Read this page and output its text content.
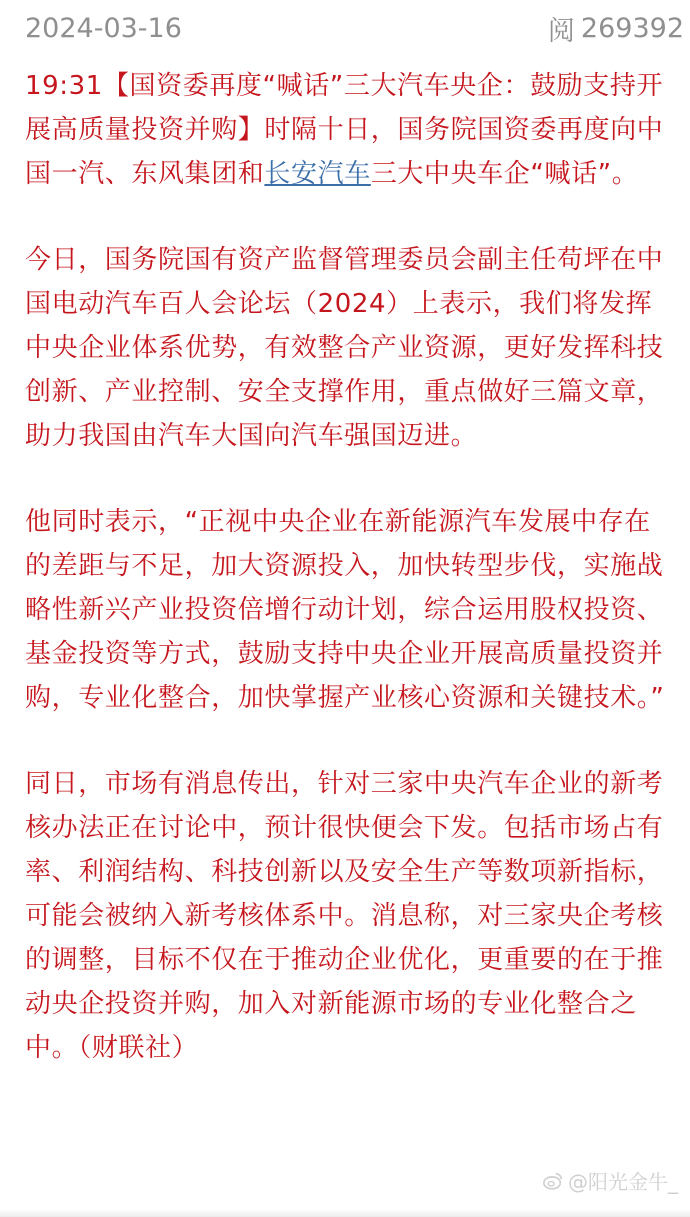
2024-03-16	阅 269392

19:31【国资委再度“喊话”三大汽车央企：鼓励支持开展高质量投资并购】时隔十日，国务院国资委再度向中国一汽、东风集团和长安汽车三大中央车企“喊话”。

今日，国务院国有资产监督管理委员会副主任苟坪在中国电动汽车百人会论坛（2024）上表示，我们将发挥中央企业体系优势，有效整合产业资源，更好发挥科技创新、产业控制、安全支撑作用，重点做好三篇文章，助力我国由汽车大国向汽车强国迈进。

他同时表示，“正视中央企业在新能源汽车发展中存在的差距与不足，加大资源投入，加快转型步伐，实施战略性新兴产业投资倍增行动计划，综合运用股权投资、基金投资等方式，鼓励支持中央企业开展高质量投资并购，专业化整合，加快掌握产业核心资源和关键技术。”

同日，市场有消息传出，针对三家中央汽车企业的新考核办法正在讨论中，预计很快便会下发。包括市场占有率、利润结构、科技创新以及安全生产等数项新指标，可能会被纳入新考核体系中。消息称，对三家央企考核的调整，目标不仅在于推动企业优化，更重要的在于推动央企投资并购，加入对新能源市场的专业化整合之中。（财联社）

@阳光金牛_
